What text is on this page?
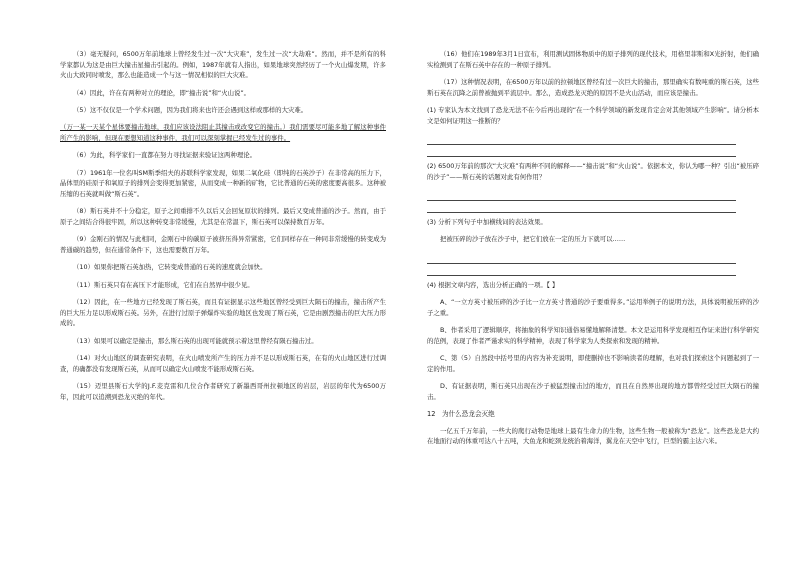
（3）毫无疑问，6500万年前地球上曾经发生过一次“大灾难”，发生过一次“大劫难”。然而，并不是所有的科学家都认为这是由巨大撞击星撞击引起的。例如，1987年就有人指出，如果地球突然经历了一个火山爆发期，许多火山大致同时喷发，那么也能造成一个与这一情况相似的巨大灾难。

（4）因此，许在有两种对立的理论，即“撞击说”和“火山说”。

（5）这不仅仅是一个学术问题，因为我们将来也许还会遇到这样或那样的大灾难。

（万一某一天某个星体要撞击地球，我们应该设法阻止其撞击或改变它的撞击。）我们需要尽可能多地了解这种事件所产生的影响，但现在要想知道这种事件，我们可以深刻掌握已经发生过的事件。

（6）为此，科学家们一直都在努力寻找证据来验证这两种理论。

（7）1961年一位名叫SM斯季绍夫的苏联科学家发现，如果二氧化硅（即纯的石英沙子）在非常高的压力下，晶体里的硅原子和氧原子的排列会变得更加紧密，从而变成一种新的矿物，它比普通的石英的密度要高很多。这种被压缩的石英就叫做“斯石英”。

（8）斯石英并不十分稳定，原子之间重排不久以后又会回复原状的排列。最后又变成普通的沙子。然而，由于原子之间结合得很牢固，所以这种转变非常缓慢，尤其是在常温下，斯石英可以保持数百万年。

（9）金刚石的情况与此相同，金刚石中的碳原子被挤压得异常紧密，它们同样存在一种同非常缓慢的转变成为普通碳的趋势，但在通常条件下，这也需要数百万年。

（10）如果你把斯石英加热，它转变成普通的石英的速度就会加快。

（11）斯石英只有在高压下才能形成，它们在自然界中很少见。

（12）因此，在一些地方已经发现了斯石英，而且有证据显示这些地区曾经受到巨大陨石的撞击，撞击所产生的巨大压力足以形成斯石英。另外，在进行过原子弹爆炸实验的地区也发现了斯石英，它是由剧烈撞击的巨大压力形成的。

（13）如果可以确定是撞击，那么斯石英的出现可能就预示着这里曾经有陨石撞击过。

（14）对火山地区的调查研究表明，在火山喷发所产生的压力并不足以形成斯石英，在有的火山地区进行过调查，的确都没有发现斯石英，从而可以确定火山喷发不能形成斯石英。

（15）迈里县斯石大学的J.F.麦克雷和几位合作者研究了新墨西哥州拉顿地区的岩层，岩层的年代为6500万年，因此可以追溯到恐龙灭绝的年代。

（16）他们在1989年3月1日宣布，利用测试固体物质中的原子排列的现代技术，用格里菲斯和X光折射，他们确实检测到了在斯石英中存在的一种原子排列。

（17）这种情况表明，在6500万年以前的拉顿地区曾经有过一次巨大的撞击，那里确实有数吨重的斯石英，这些斯石英在沉降之前曾被抛到平流层中。那么，造成恐龙灭绝的原因不是火山活动，而应该是撞击。

(1) 专家认为本文找到了恐龙无法不在今后再出现的“在一个科学领域的新发现肯定会对其他领域产生影响”。请分析本文是如何证明这一推断的？

(2) 6500万年前的那次“大灾难”有两种不同的解释——“撞击说”和“火山说”。依据本文，你认为哪一种？引出“被压碎的沙子”——斯石英的话题对此有何作用？

(3) 分析下列句子中加横线词的表达效果。

把被压碎的沙子放在沙子中，把它们放在一定的压力下就可以……

(4) 根据文章内容，选出分析正确的一项。【 】

A、“一立方英寸被压碎的沙子比一立方英寸普通的沙子要重得多。”运用举例子的说明方法，具体说明被压碎的沙子之重。

B、作者采用了逻辑顺序，将抽象的科学知识通俗易懂地解释清楚。本文是运用科学发现相互作证来进行科学研究的范例，表现了作者严谨求实的科学精神，表现了科学家为人类探索和发现的精神。

C、第（5）自然段中括号里的内容为补充说明，即使删掉也不影响读者的理解，也对我们探索这个问题起到了一定的作用。

D、有证据表明，斯石英只出现在沙子被猛烈撞击过的地方，而且在自然界出现的地方都曾经受过巨大陨石的撞击。

12　为什么恐龙会灭绝

一亿五千万年前，一些大的爬行动物是地球上最有生命力的生物，这些生物一般被称为“恐龙”。这些恐龙是大约在地面行动的体重可达八十五吨，大鱼龙和蛇颈龙统治着海洋，翼龙在天空中飞行，巨型的霸主达六米。
